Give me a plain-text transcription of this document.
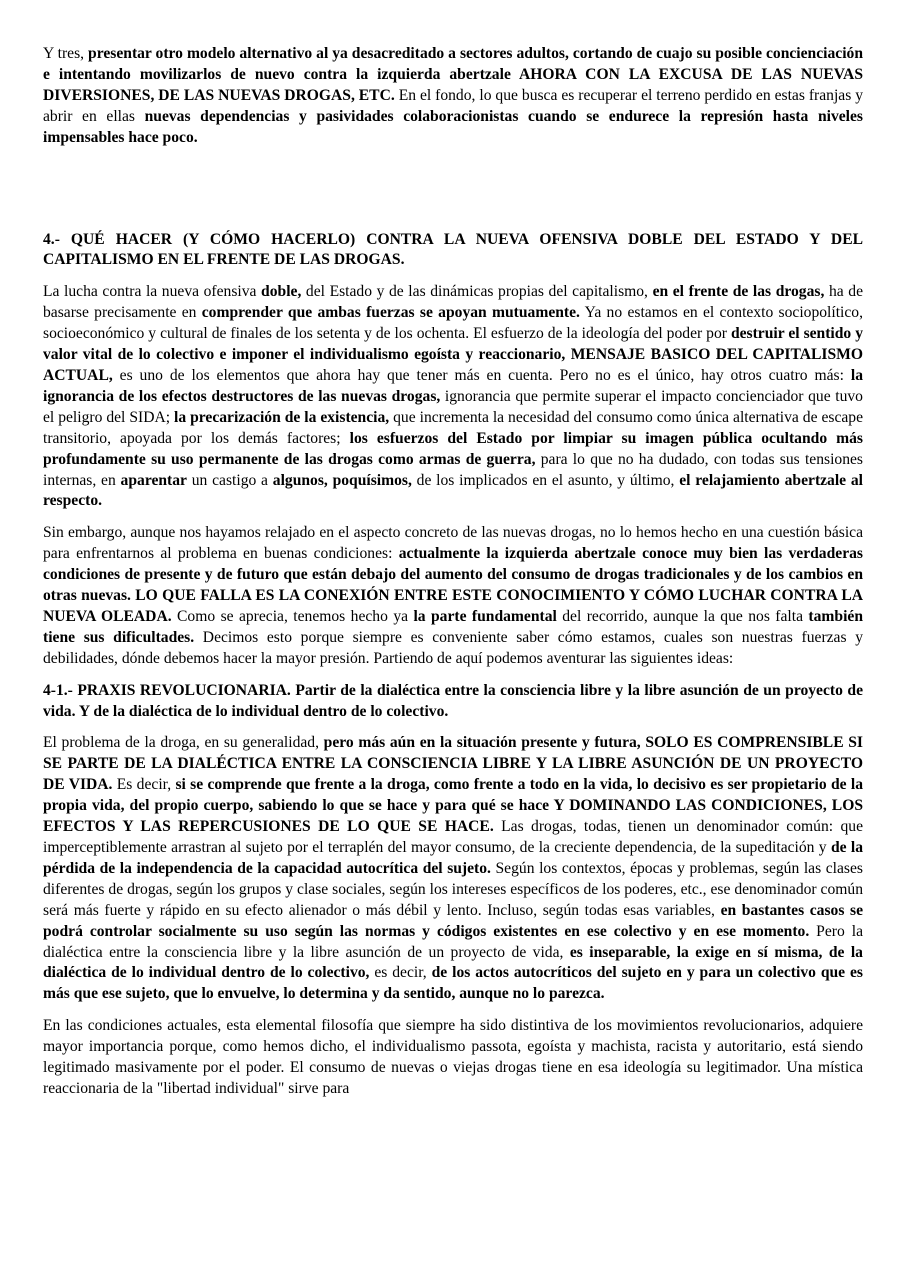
Y tres, presentar otro modelo alternativo al ya desacreditado a sectores adultos, cortando de cuajo su posible concienciación e intentando movilizarlos de nuevo contra la izquierda abertzale AHORA CON LA EXCUSA DE LAS NUEVAS DIVERSIONES, DE LAS NUEVAS DROGAS, ETC. En el fondo, lo que busca es recuperar el terreno perdido en estas franjas y abrir en ellas nuevas dependencias y pasividades colaboracionistas cuando se endurece la represión hasta niveles impensables hace poco.

4.- QUÉ HACER (Y CÓMO HACERLO) CONTRA LA NUEVA OFENSIVA DOBLE DEL ESTADO Y DEL CAPITALISMO EN EL FRENTE DE LAS DROGAS.

La lucha contra la nueva ofensiva doble, del Estado y de las dinámicas propias del capitalismo, en el frente de las drogas, ha de basarse precisamente en comprender que ambas fuerzas se apoyan mutuamente. Ya no estamos en el contexto sociopolítico, socioeconómico y cultural de finales de los setenta y de los ochenta. El esfuerzo de la ideología del poder por destruir el sentido y valor vital de lo colectivo e imponer el individualismo egoísta y reaccionario, MENSAJE BASICO DEL CAPITALISMO ACTUAL, es uno de los elementos que ahora hay que tener más en cuenta. Pero no es el único, hay otros cuatro más: la ignorancia de los efectos destructores de las nuevas drogas, ignorancia que permite superar el impacto concienciador que tuvo el peligro del SIDA; la precarización de la existencia, que incrementa la necesidad del consumo como única alternativa de escape transitorio, apoyada por los demás factores; los esfuerzos del Estado por limpiar su imagen pública ocultando más profundamente su uso permanente de las drogas como armas de guerra, para lo que no ha dudado, con todas sus tensiones internas, en aparentar un castigo a algunos, poquísimos, de los implicados en el asunto, y último, el relajamiento abertzale al respecto.

Sin embargo, aunque nos hayamos relajado en el aspecto concreto de las nuevas drogas, no lo hemos hecho en una cuestión básica para enfrentarnos al problema en buenas condiciones: actualmente la izquierda abertzale conoce muy bien las verdaderas condiciones de presente y de futuro que están debajo del aumento del consumo de drogas tradicionales y de los cambios en otras nuevas. LO QUE FALLA ES LA CONEXIÓN ENTRE ESTE CONOCIMIENTO Y CÓMO LUCHAR CONTRA LA NUEVA OLEADA. Como se aprecia, tenemos hecho ya la parte fundamental del recorrido, aunque la que nos falta también tiene sus dificultades. Decimos esto porque siempre es conveniente saber cómo estamos, cuales son nuestras fuerzas y debilidades, dónde debemos hacer la mayor presión. Partiendo de aquí podemos aventurar las siguientes ideas:

4-1.- PRAXIS REVOLUCIONARIA. Partir de la dialéctica entre la consciencia libre y la libre asunción de un proyecto de vida. Y de la dialéctica de lo individual dentro de lo colectivo.

El problema de la droga, en su generalidad, pero más aún en la situación presente y futura, SOLO ES COMPRENSIBLE SI SE PARTE DE LA DIALÉCTICA ENTRE LA CONSCIENCIA LIBRE Y LA LIBRE ASUNCIÓN DE UN PROYECTO DE VIDA. Es decir, si se comprende que frente a la droga, como frente a todo en la vida, lo decisivo es ser propietario de la propia vida, del propio cuerpo, sabiendo lo que se hace y para qué se hace Y DOMINANDO LAS CONDICIONES, LOS EFECTOS Y LAS REPERCUSIONES DE LO QUE SE HACE. Las drogas, todas, tienen un denominador común: que imperceptiblemente arrastran al sujeto por el terraplén del mayor consumo, de la creciente dependencia, de la supeditación y de la pérdida de la independencia de la capacidad autocrítica del sujeto. Según los contextos, épocas y problemas, según las clases diferentes de drogas, según los grupos y clase sociales, según los intereses específicos de los poderes, etc., ese denominador común será más fuerte y rápido en su efecto alienador o más débil y lento. Incluso, según todas esas variables, en bastantes casos se podrá controlar socialmente su uso según las normas y códigos existentes en ese colectivo y en ese momento. Pero la dialéctica entre la consciencia libre y la libre asunción de un proyecto de vida, es inseparable, la exige en sí misma, de la dialéctica de lo individual dentro de lo colectivo, es decir, de los actos autocríticos del sujeto en y para un colectivo que es más que ese sujeto, que lo envuelve, lo determina y da sentido, aunque no lo parezca.

En las condiciones actuales, esta elemental filosofía que siempre ha sido distintiva de los movimientos revolucionarios, adquiere mayor importancia porque, como hemos dicho, el individualismo passota, egoísta y machista, racista y autoritario, está siendo legitimado masivamente por el poder. El consumo de nuevas o viejas drogas tiene en esa ideología su legitimador. Una mística reaccionaria de la "libertad individual" sirve para
